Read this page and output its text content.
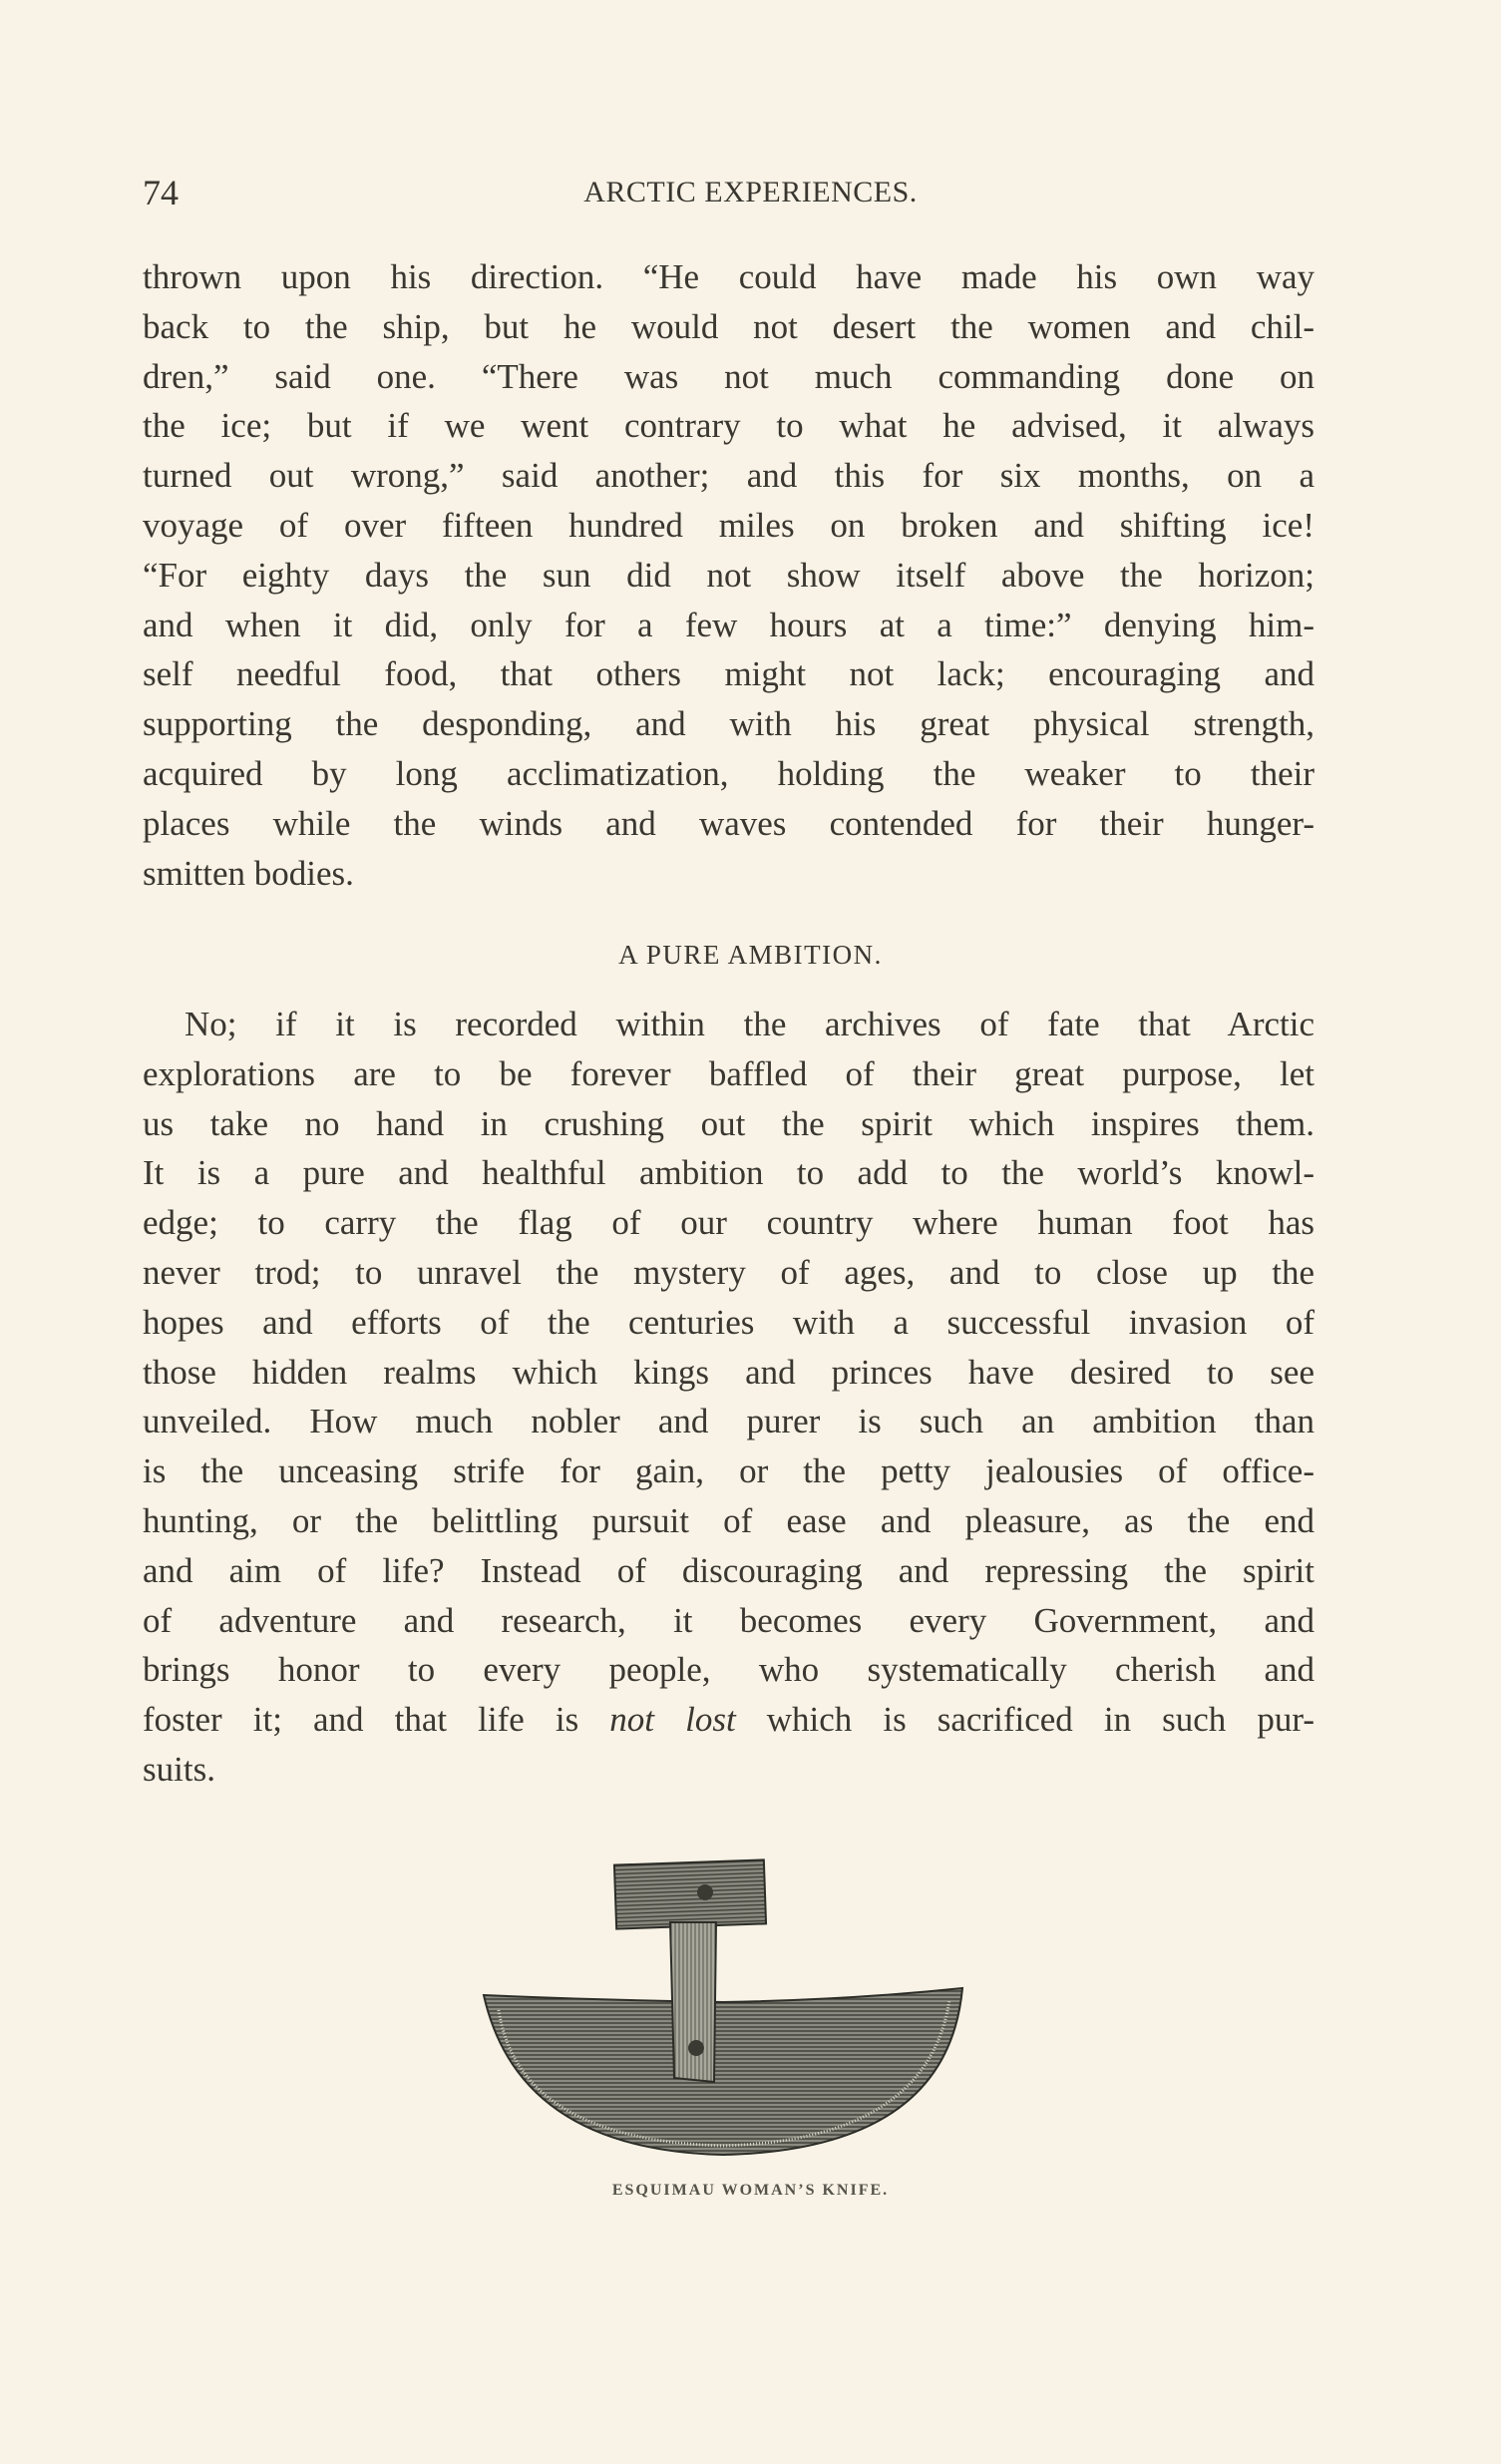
74	ARCTIC EXPERIENCES.
thrown upon his direction. “He could have made his own way
back to the ship, but he would not desert the women and chil-
dren,” said one. “There was not much commanding done on
the ice; but if we went contrary to what he advised, it always
turned out wrong,” said another; and this for six months, on a
voyage of over fifteen hundred miles on broken and shifting ice!
“For eighty days the sun did not show itself above the horizon;
and when it did, only for a few hours at a time:” denying him-
self needful food, that others might not lack; encouraging and
supporting the desponding, and with his great physical strength,
acquired by long acclimatization, holding the weaker to their
places while the winds and waves contended for their hunger-
smitten bodies.
A PURE AMBITION.
No; if it is recorded within the archives of fate that Arctic
explorations are to be forever baffled of their great purpose, let
us take no hand in crushing out the spirit which inspires them.
It is a pure and healthful ambition to add to the world’s knowl-
edge; to carry the flag of our country where human foot has
never trod; to unravel the mystery of ages, and to close up the
hopes and efforts of the centuries with a successful invasion of
those hidden realms which kings and princes have desired to see
unveiled. How much nobler and purer is such an ambition than
is the unceasing strife for gain, or the petty jealousies of office-
hunting, or the belittling pursuit of ease and pleasure, as the end
and aim of life? Instead of discouraging and repressing the spirit
of adventure and research, it becomes every Government, and
brings honor to every people, who systematically cherish and
foster it; and that life is not lost which is sacrificed in such pur-
suits.
ESQUIMAU WOMAN’S KNIFE.
